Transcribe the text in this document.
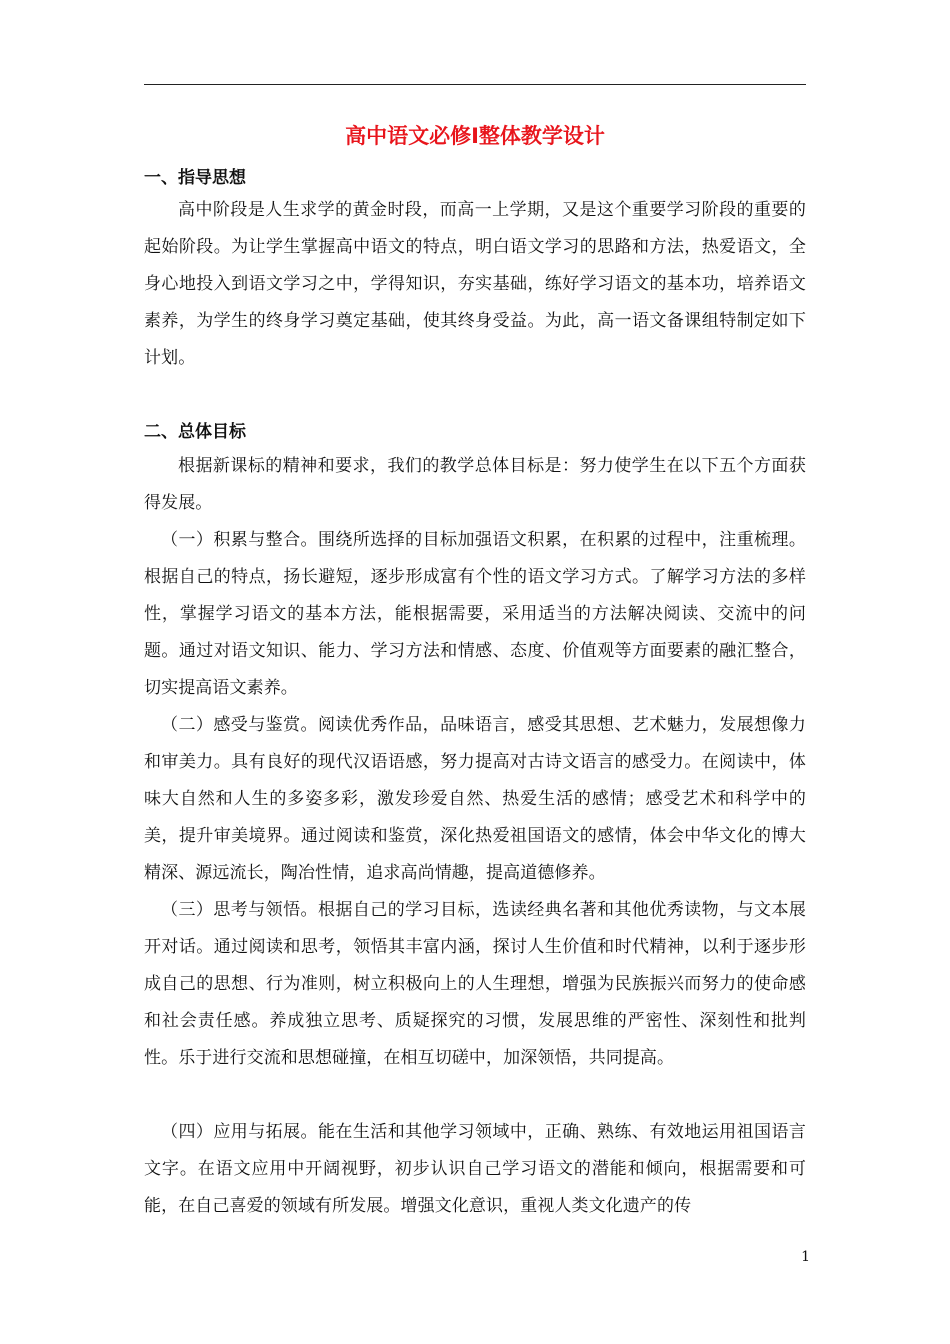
高中语文必修Ⅰ整体教学设计
一、指导思想

高中阶段是人生求学的黄金时段，而高一上学期，又是这个重要学习阶段的重要的起始阶段。为让学生掌握高中语文的特点，明白语文学习的思路和方法，热爱语文，全身心地投入到语文学习之中，学得知识，夯实基础，练好学习语文的基本功，培养语文素养，为学生的终身学习奠定基础，使其终身受益。为此，高一语文备课组特制定如下计划。

二、总体目标

根据新课标的精神和要求，我们的教学总体目标是：努力使学生在以下五个方面获得发展。

（一）积累与整合。围绕所选择的目标加强语文积累，在积累的过程中，注重梳理。根据自己的特点，扬长避短，逐步形成富有个性的语文学习方式。了解学习方法的多样性，掌握学习语文的基本方法，能根据需要，采用适当的方法解决阅读、交流中的问题。通过对语文知识、能力、学习方法和情感、态度、价值观等方面要素的融汇整合，切实提高语文素养。

（二）感受与鉴赏。阅读优秀作品，品味语言，感受其思想、艺术魅力，发展想像力和审美力。具有良好的现代汉语语感，努力提高对古诗文语言的感受力。在阅读中，体味大自然和人生的多姿多彩，激发珍爱自然、热爱生活的感情；感受艺术和科学中的美，提升审美境界。通过阅读和鉴赏，深化热爱祖国语文的感情，体会中华文化的博大精深、源远流长，陶冶性情，追求高尚情趣，提高道德修养。

（三）思考与领悟。根据自己的学习目标，选读经典名著和其他优秀读物，与文本展开对话。通过阅读和思考，领悟其丰富内涵，探讨人生价值和时代精神，以利于逐步形成自己的思想、行为准则，树立积极向上的人生理想，增强为民族振兴而努力的使命感和社会责任感。养成独立思考、质疑探究的习惯，发展思维的严密性、深刻性和批判性。乐于进行交流和思想碰撞，在相互切磋中，加深领悟，共同提高。

（四）应用与拓展。能在生活和其他学习领域中，正确、熟练、有效地运用祖国语言文字。在语文应用中开阔视野，初步认识自己学习语文的潜能和倾向，根据需要和可能，在自己喜爱的领域有所发展。增强文化意识，重视人类文化遗产的传

1
